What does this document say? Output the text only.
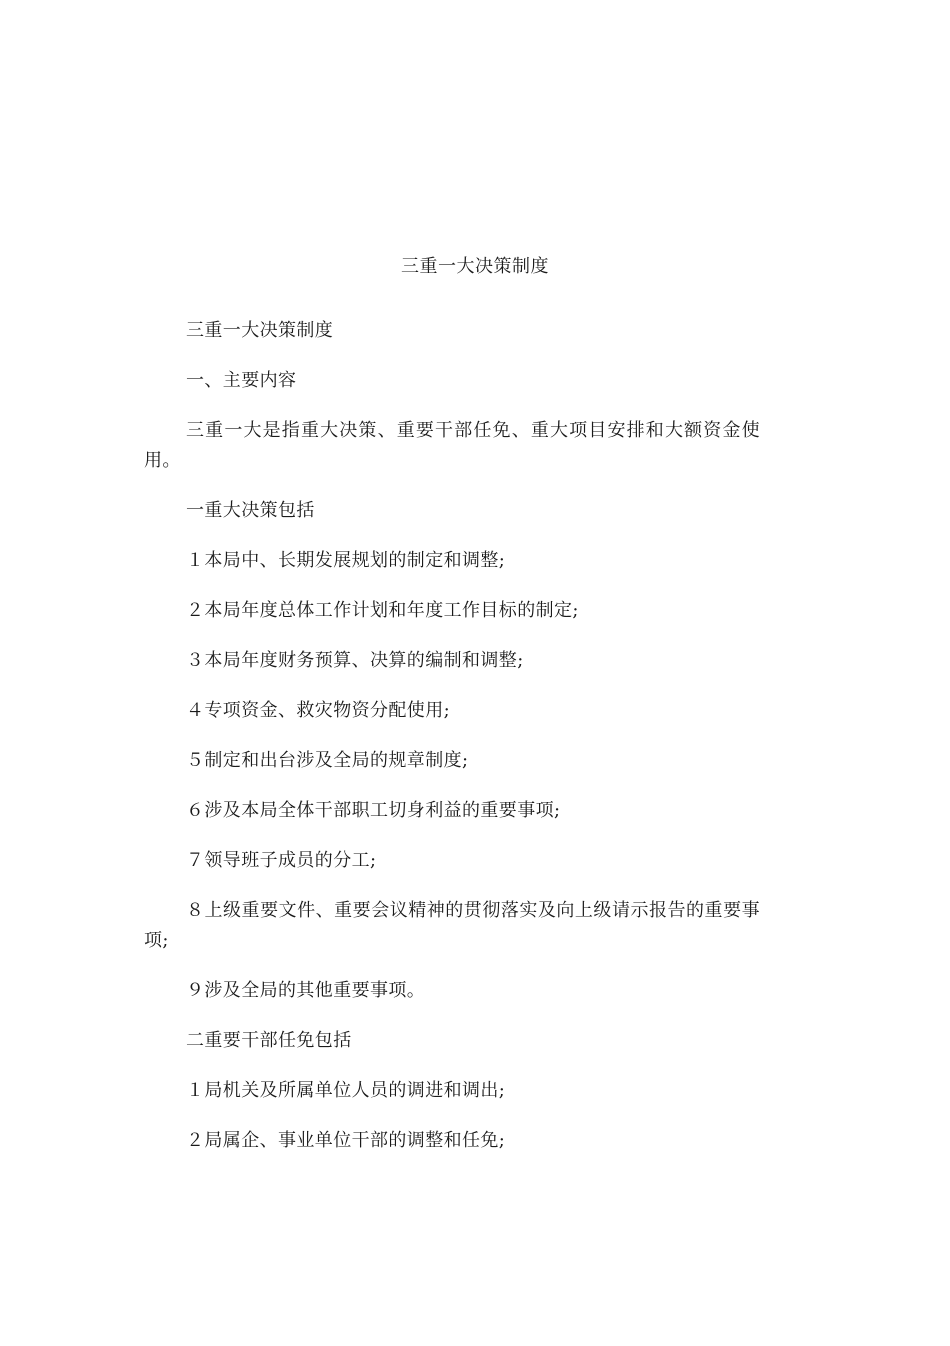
三重一大决策制度

三重一大决策制度

一、主要内容

三重一大是指重大决策、重要干部任免、重大项目安排和大额资金使用。

一重大决策包括

１本局中、长期发展规划的制定和调整;

２本局年度总体工作计划和年度工作目标的制定;

３本局年度财务预算、决算的编制和调整;

４专项资金、救灾物资分配使用;

５制定和出台涉及全局的规章制度;

６涉及本局全体干部职工切身利益的重要事项;

７领导班子成员的分工;

８上级重要文件、重要会议精神的贯彻落实及向上级请示报告的重要事项;

９涉及全局的其他重要事项。

二重要干部任免包括

１局机关及所属单位人员的调进和调出;

２局属企、事业单位干部的调整和任免;
